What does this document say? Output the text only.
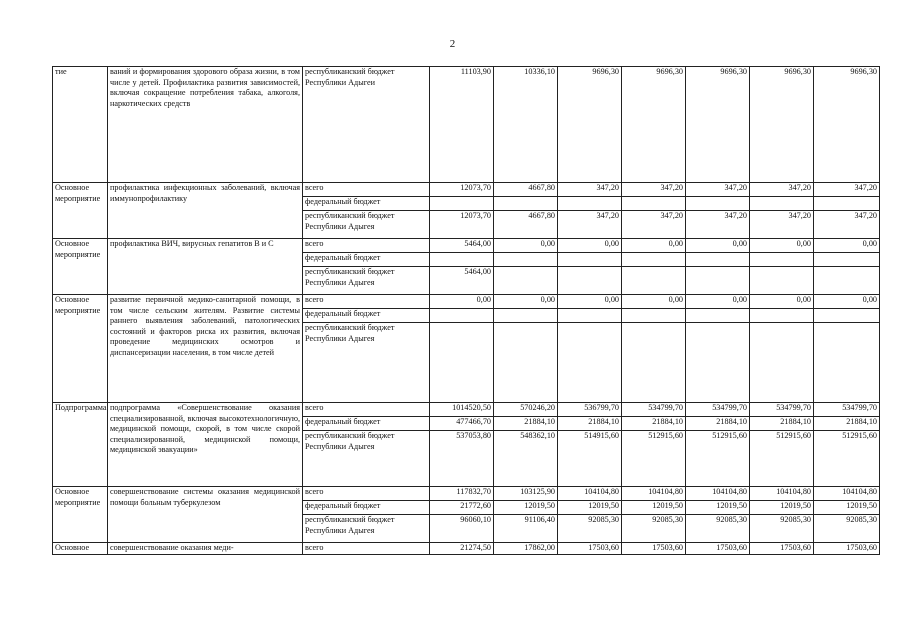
2
тие	ваний и формирования здорового образа жизни, в том числе у детей. Профилактика развития зависимостей, включая сокращение потребления табака, алкоголя, наркотических средств	республиканский бюджет Республики Адыгеи	11103,90	10336,10	9696,30	9696,30	9696,30	9696,30	9696,30
Основное мероприятие	профилактика инфекционных заболеваний, включая иммунопрофилактику	всего	12073,70	4667,80	347,20	347,20	347,20	347,20	347,20
		федеральный бюджет							
		республиканский бюджет Республики Адыгея	12073,70	4667,80	347,20	347,20	347,20	347,20	347,20
Основное мероприятие	профилактика ВИЧ, вирусных гепатитов В и С	всего	5464,00	0,00	0,00	0,00	0,00	0,00	0,00
		федеральный бюджет							
		республиканский бюджет Республики Адыгея	5464,00						
Основное мероприятие	развитие первичной медико-санитарной помощи, в том числе сельским жителям. Развитие системы раннего выявления заболеваний, патологических состояний и факторов риска их развития, включая проведение медицинских осмотров и диспансеризации населения, в том числе детей	всего	0,00	0,00	0,00	0,00	0,00	0,00	0,00
		федеральный бюджет							
		республиканский бюджет Республики Адыгея							
Подпрограмма	подпрограмма «Совершенствование оказания специализированной, включая высокотехнологичную, медицинской помощи, скорой, в том числе скорой специализированной, медицинской помощи, медицинской эвакуации»	всего	1014520,50	570246,20	536799,70	534799,70	534799,70	534799,70	534799,70
		федеральный бюджет	477466,70	21884,10	21884,10	21884,10	21884,10	21884,10	21884,10
		республиканский бюджет Республики Адыгея	537053,80	548362,10	514915,60	512915,60	512915,60	512915,60	512915,60
Основное мероприятие	совершенствование системы оказания медицинской помощи больным туберкулезом	всего	117832,70	103125,90	104104,80	104104,80	104104,80	104104,80	104104,80
		федеральный бюджет	21772,60	12019,50	12019,50	12019,50	12019,50	12019,50	12019,50
		республиканский бюджет Республики Адыгея	96060,10	91106,40	92085,30	92085,30	92085,30	92085,30	92085,30
Основное	совершенствование оказания меди-	всего	21274,50	17862,00	17503,60	17503,60	17503,60	17503,60	17503,60
